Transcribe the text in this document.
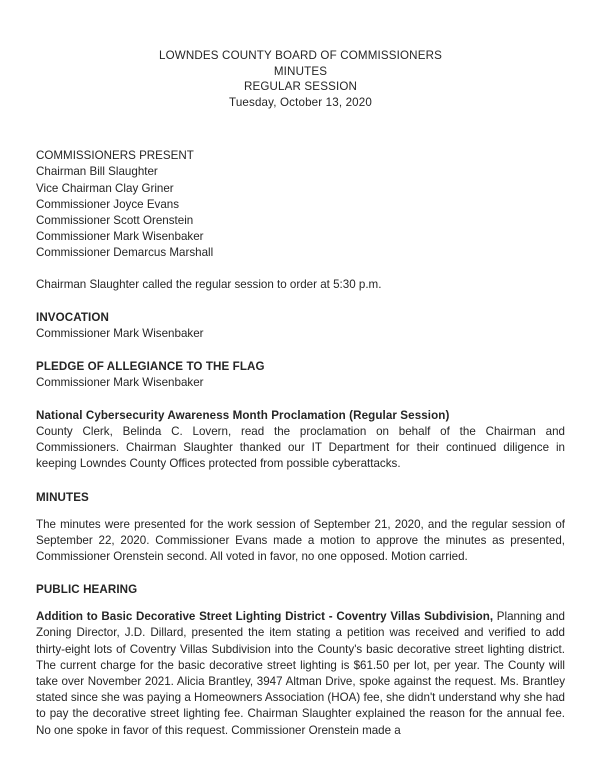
LOWNDES COUNTY BOARD OF COMMISSIONERS
MINUTES
REGULAR SESSION
Tuesday, October 13, 2020
COMMISSIONERS PRESENT
Chairman Bill Slaughter
Vice Chairman Clay Griner
Commissioner Joyce Evans
Commissioner Scott Orenstein
Commissioner Mark Wisenbaker
Commissioner Demarcus Marshall
Chairman Slaughter called the regular session to order at 5:30 p.m.
INVOCATION
Commissioner Mark Wisenbaker
PLEDGE OF ALLEGIANCE TO THE FLAG
Commissioner Mark Wisenbaker
National Cybersecurity Awareness Month Proclamation (Regular Session)

County Clerk, Belinda C. Lovern, read the proclamation on behalf of the Chairman and Commissioners. Chairman Slaughter thanked our IT Department for their continued diligence in keeping Lowndes County Offices protected from possible cyberattacks.

MINUTES

The minutes were presented for the work session of September 21, 2020, and the regular session of September 22, 2020. Commissioner Evans made a motion to approve the minutes as presented, Commissioner Orenstein second. All voted in favor, no one opposed. Motion carried.

PUBLIC HEARING

Addition to Basic Decorative Street Lighting District - Coventry Villas Subdivision, Planning and Zoning Director, J.D. Dillard, presented the item stating a petition was received and verified to add thirty-eight lots of Coventry Villas Subdivision into the County's basic decorative street lighting district. The current charge for the basic decorative street lighting is $61.50 per lot, per year. The County will take over November 2021. Alicia Brantley, 3947 Altman Drive, spoke against the request. Ms. Brantley stated since she was paying a Homeowners Association (HOA) fee, she didn't understand why she had to pay the decorative street lighting fee. Chairman Slaughter explained the reason for the annual fee. No one spoke in favor of this request. Commissioner Orenstein made a
